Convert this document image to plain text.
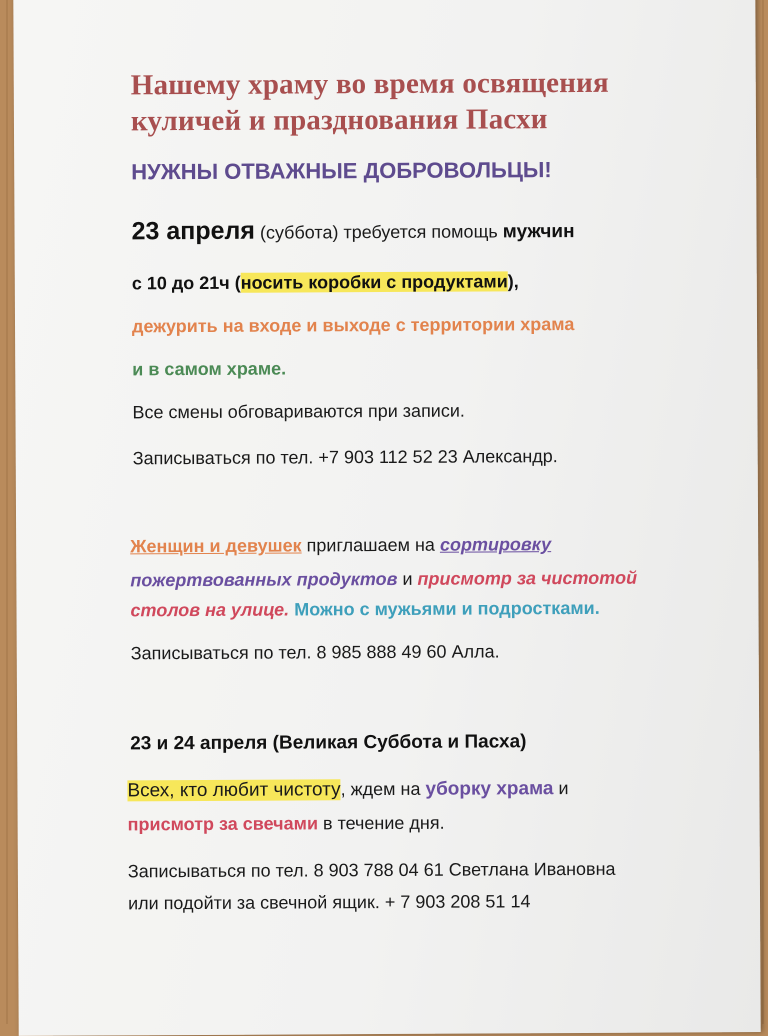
Нашему храму во время освящения
куличей и празднования Пасхи
НУЖНЫ ОТВАЖНЫЕ ДОБРОВОЛЬЦЫ!
23 апреля (суббота) требуется помощь мужчин
с 10 до 21ч (носить коробки с продуктами),
дежурить на входе и выходе с территории храма
и в самом храме.
Все смены обговариваются при записи.
Записываться по тел. +7 903 112 52 23 Александр.
Женщин и девушек приглашаем на сортировку
пожертвованных продуктов и присмотр за чистотой
столов на улице. Можно с мужьями и подростками.
Записываться по тел. 8 985 888 49 60 Алла.
23 и 24 апреля (Великая Суббота и Пасха)
Всех, кто любит чистоту, ждем на уборку храма и
присмотр за свечами в течение дня.
Записываться по тел. 8 903 788 04 61 Светлана Ивановна
или подойти за свечной ящик. + 7 903 208 51 14
